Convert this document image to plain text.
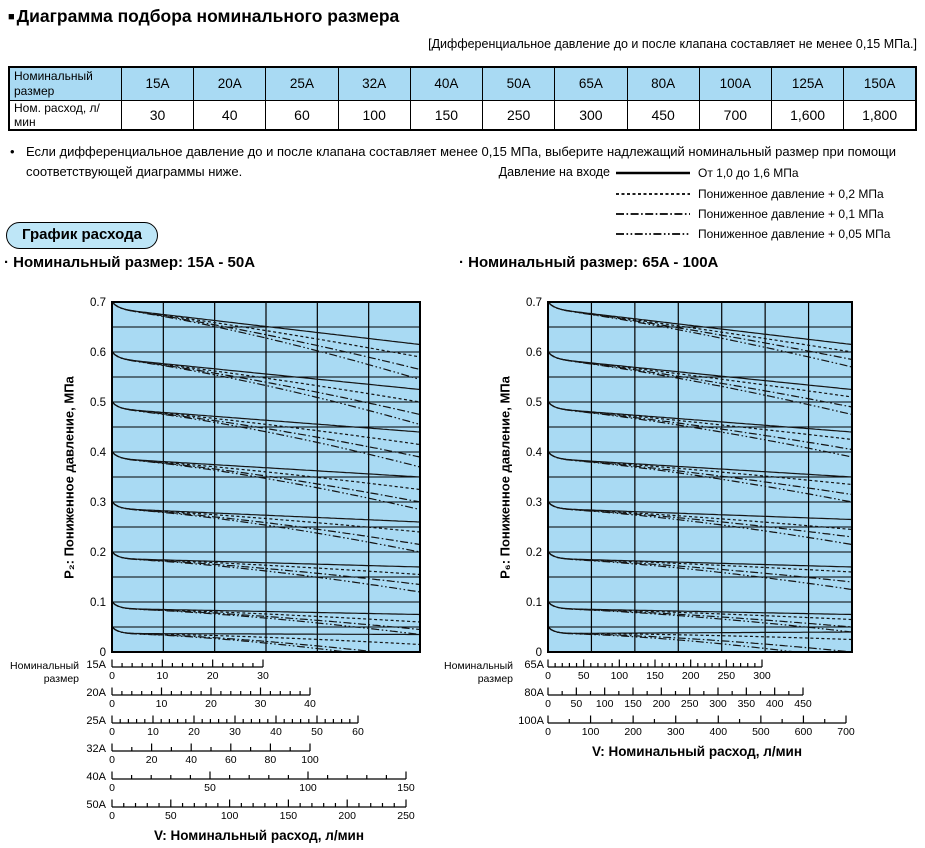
■ Диаграмма подбора номинального размера
[Дифференциальное давление до и после клапана составляет не менее 0,15 МПа.]
Номинальный размер	15A	20A	25A	32A	40A	50A	65A	80A	100A	125A	150A
Ном. расход, л/мин	30	40	60	100	150	250	300	450	700	1,600	1,800
• Если дифференциальное давление до и после клапана составляет менее 0,15 МПа, выберите надлежащий номинальный размер при помощи соответствующей диаграммы ниже.	Давление на входе	От 1,0 до 1,6 МПа
Пониженное давление + 0,2 МПа
Пониженное давление + 0,1 МПа
Пониженное давление + 0,05 МПа
График расхода
· Номинальный размер: 15A - 50A	· Номинальный размер: 65A - 100A
0.7
0.6
0.5
0.4
0.3
0.2
0.1
0
P₂: Пониженное давление, МПа
Номинальный размер	0	10	20	30
15A
0	10	20	30	40
20A
0	10	20	30	40	50	60
25A
0	20	40	60	80 100
32A
0	50	100	150
40A
0	50	100	150	200	250
50A
V: Номинальный расход, л/мин
0.7
0.6
0.5
0.4
0.3
0.2
0.1
0
P₆: Пониженное давление, МПа
Номинальный размер	0	50 100 150 200 250 300
65A
0 50 100 150 200 250 300 350 400 450
80A
0	100 200 300 400 500 600 700
100A
V: Номинальный расход, л/мин
